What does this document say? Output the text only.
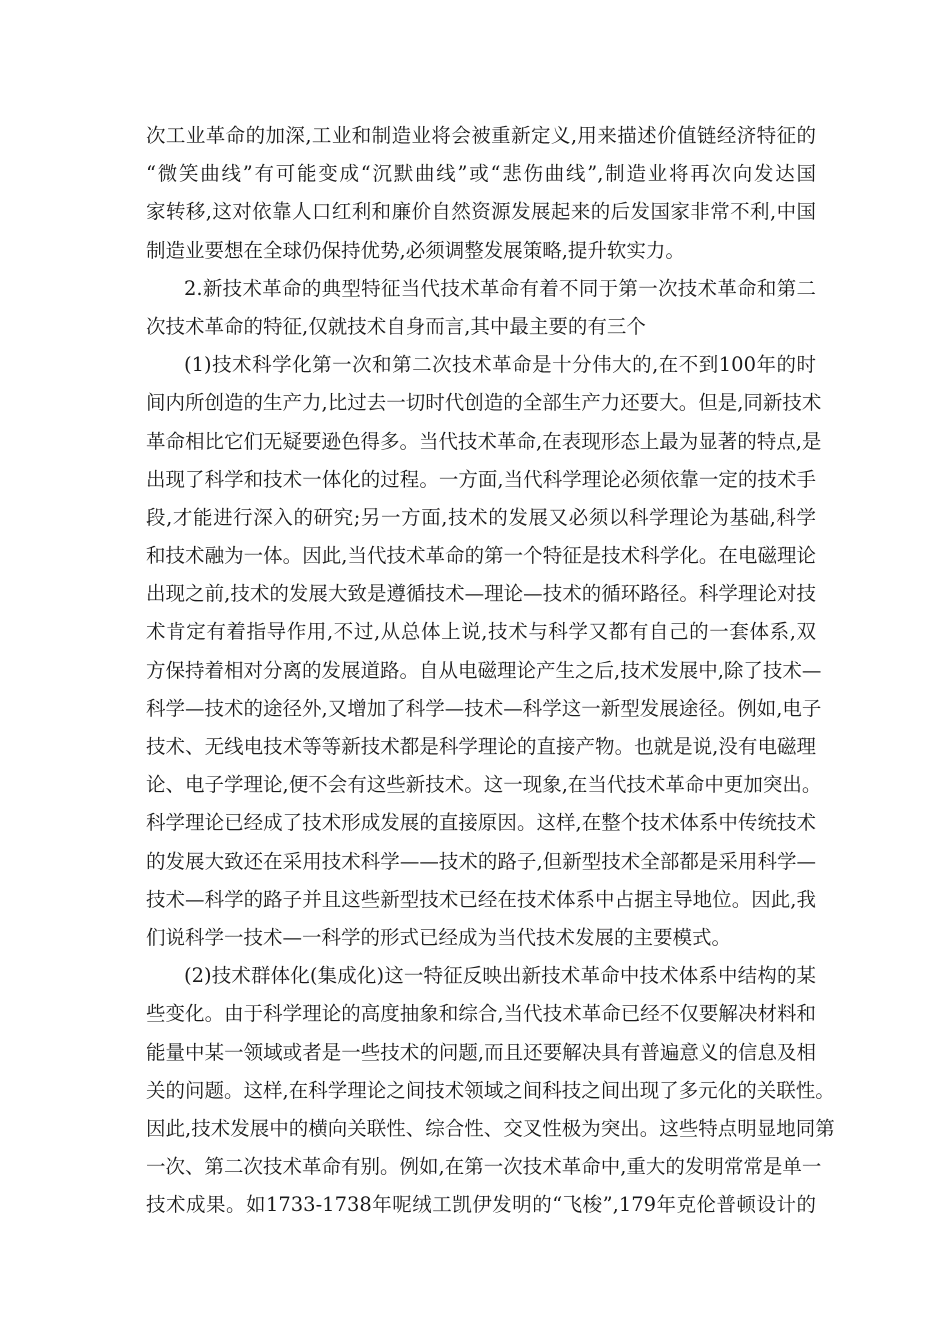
次工业革命的加深,工业和制造业将会被重新定义,用来描述价值链经济特征的
“微笑曲线”有可能变成“沉默曲线”或“悲伤曲线”,制造业将再次向发达国
家转移,这对依靠人口红利和廉价自然资源发展起来的后发国家非常不利,中国
制造业要想在全球仍保持优势,必须调整发展策略,提升软实力。
2.新技术革命的典型特征当代技术革命有着不同于第一次技术革命和第二
次技术革命的特征,仅就技术自身而言,其中最主要的有三个
(1)技术科学化第一次和第二次技术革命是十分伟大的,在不到100年的时
间内所创造的生产力,比过去一切时代创造的全部生产力还要大。但是,同新技术
革命相比它们无疑要逊色得多。当代技术革命,在表现形态上最为显著的特点,是
出现了科学和技术一体化的过程。一方面,当代科学理论必须依靠一定的技术手
段,才能进行深入的研究;另一方面,技术的发展又必须以科学理论为基础,科学
和技术融为一体。因此,当代技术革命的第一个特征是技术科学化。在电磁理论
出现之前,技术的发展大致是遵循技术—理论—技术的循环路径。科学理论对技
术肯定有着指导作用,不过,从总体上说,技术与科学又都有自己的一套体系,双
方保持着相对分离的发展道路。自从电磁理论产生之后,技术发展中,除了技术—
科学—技术的途径外,又增加了科学—技术—科学这一新型发展途径。例如,电子
技术、无线电技术等等新技术都是科学理论的直接产物。也就是说,没有电磁理
论、电子学理论,便不会有这些新技术。这一现象,在当代技术革命中更加突出。
科学理论已经成了技术形成发展的直接原因。这样,在整个技术体系中传统技术
的发展大致还在采用技术科学——技术的路子,但新型技术全部都是采用科学—
技术—科学的路子并且这些新型技术已经在技术体系中占据主导地位。因此,我
们说科学一技术—一科学的形式已经成为当代技术发展的主要模式。
(2)技术群体化(集成化)这一特征反映出新技术革命中技术体系中结构的某
些变化。由于科学理论的高度抽象和综合,当代技术革命已经不仅要解决材料和
能量中某一领域或者是一些技术的问题,而且还要解决具有普遍意义的信息及相
关的问题。这样,在科学理论之间技术领域之间科技之间出现了多元化的关联性。
因此,技术发展中的横向关联性、综合性、交叉性极为突出。这些特点明显地同第
一次、第二次技术革命有别。例如,在第一次技术革命中,重大的发明常常是单一
技术成果。如1733-1738年呢绒工凯伊发明的“飞梭”,179年克伦普顿设计的
